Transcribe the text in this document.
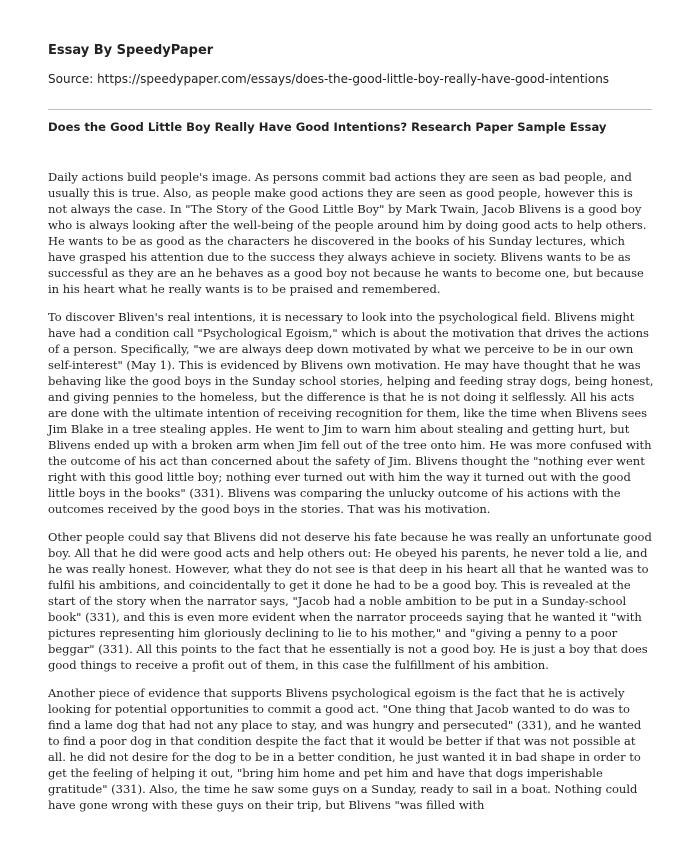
Essay By SpeedyPaper
Source: https://speedypaper.com/essays/does-the-good-little-boy-really-have-good-intentions
Does the Good Little Boy Really Have Good Intentions? Research Paper Sample Essay

Daily actions build people's image. As persons commit bad actions they are seen as bad people, and usually this is true. Also, as people make good actions they are seen as good people, however this is not always the case. In "The Story of the Good Little Boy" by Mark Twain, Jacob Blivens is a good boy who is always looking after the well-being of the people around him by doing good acts to help others. He wants to be as good as the characters he discovered in the books of his Sunday lectures, which have grasped his attention due to the success they always achieve in society. Blivens wants to be as successful as they are an he behaves as a good boy not because he wants to become one, but because in his heart what he really wants is to be praised and remembered.

To discover Bliven's real intentions, it is necessary to look into the psychological field. Blivens might have had a condition call "Psychological Egoism," which is about the motivation that drives the actions of a person. Specifically, "we are always deep down motivated by what we perceive to be in our own self-interest" (May 1). This is evidenced by Blivens own motivation. He may have thought that he was behaving like the good boys in the Sunday school stories, helping and feeding stray dogs, being honest, and giving pennies to the homeless, but the difference is that he is not doing it selflessly. All his acts are done with the ultimate intention of receiving recognition for them, like the time when Blivens sees Jim Blake in a tree stealing apples. He went to Jim to warn him about stealing and getting hurt, but Blivens ended up with a broken arm when Jim fell out of the tree onto him. He was more confused with the outcome of his act than concerned about the safety of Jim. Blivens thought the "nothing ever went right with this good little boy; nothing ever turned out with him the way it turned out with the good little boys in the books" (331). Blivens was comparing the unlucky outcome of his actions with the outcomes received by the good boys in the stories. That was his motivation.

Other people could say that Blivens did not deserve his fate because he was really an unfortunate good boy. All that he did were good acts and help others out: He obeyed his parents, he never told a lie, and he was really honest. However, what they do not see is that deep in his heart all that he wanted was to fulfil his ambitions, and coincidentally to get it done he had to be a good boy. This is revealed at the start of the story when the narrator says, "Jacob had a noble ambition to be put in a Sunday-school book" (331), and this is even more evident when the narrator proceeds saying that he wanted it "with pictures representing him gloriously declining to lie to his mother," and "giving a penny to a poor beggar" (331). All this points to the fact that he essentially is not a good boy. He is just a boy that does good things to receive a profit out of them, in this case the fulfillment of his ambition.

Another piece of evidence that supports Blivens psychological egoism is the fact that he is actively looking for potential opportunities to commit a good act. "One thing that Jacob wanted to do was to find a lame dog that had not any place to stay, and was hungry and persecuted" (331), and he wanted to find a poor dog in that condition despite the fact that it would be better if that was not possible at all. he did not desire for the dog to be in a better condition, he just wanted it in bad shape in order to get the feeling of helping it out, "bring him home and pet him and have that dogs imperishable gratitude" (331). Also, the time he saw some guys on a Sunday, ready to sail in a boat. Nothing could have gone wrong with these guys on their trip, but Blivens "was filled with
